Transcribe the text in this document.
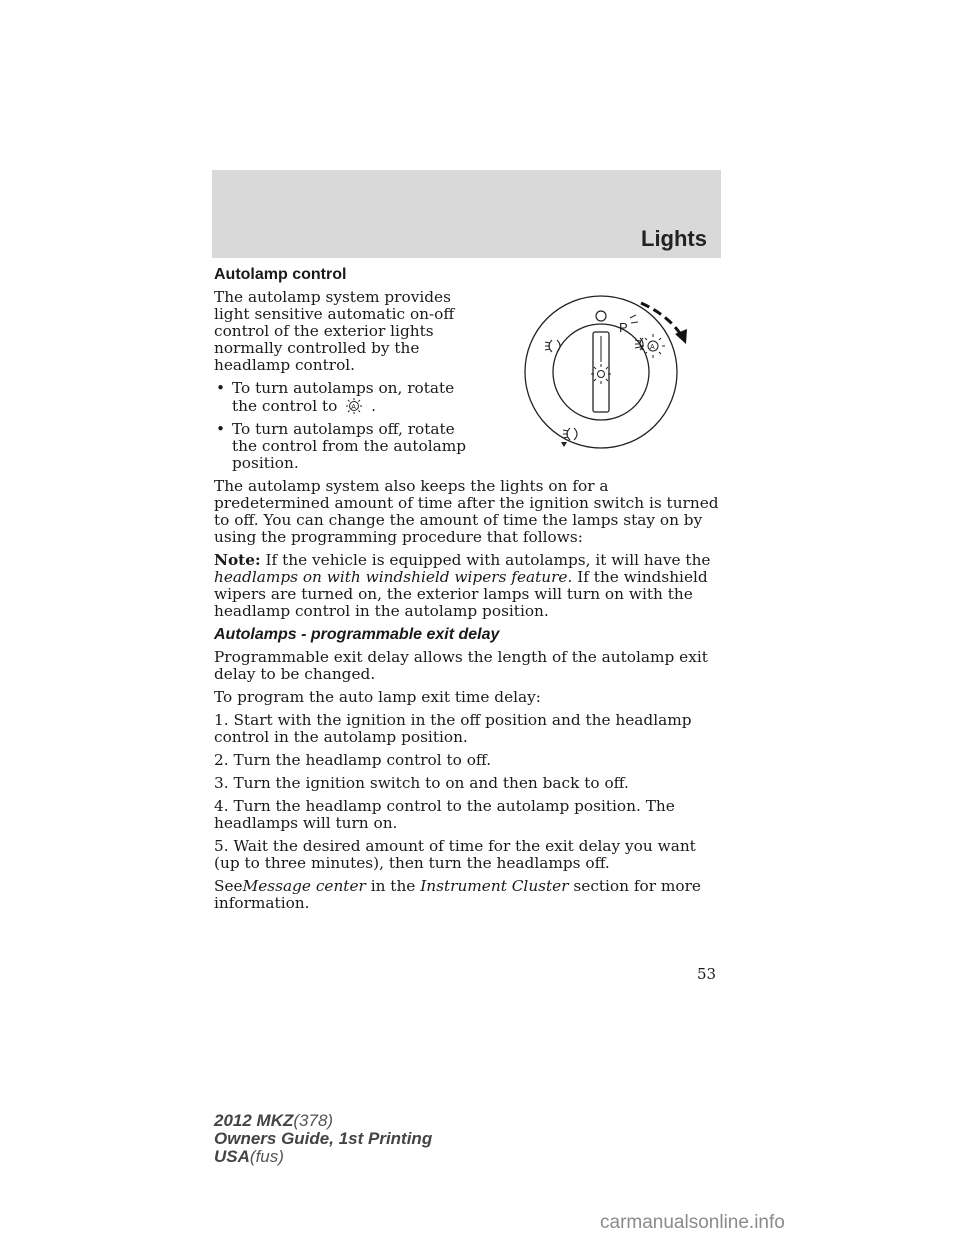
Lights
P
A

Autolamp control

The autolamp system provides light sensitive automatic on-off control of the exterior lights normally controlled by the headlamp control.

• To turn autolamps on, rotate the control to A .

• To turn autolamps off, rotate the control from the autolamp position.

The autolamp system also keeps the lights on for a predetermined amount of time after the ignition switch is turned to off. You can change the amount of time the lamps stay on by using the programming procedure that follows:

Note: If the vehicle is equipped with autolamps, it will have the headlamps on with windshield wipers feature. If the windshield wipers are turned on, the exterior lamps will turn on with the headlamp control in the autolamp position.

Autolamps - programmable exit delay

Programmable exit delay allows the length of the autolamp exit delay to be changed.

To program the auto lamp exit time delay:

1. Start with the ignition in the off position and the headlamp control in the autolamp position.

2. Turn the headlamp control to off.

3. Turn the ignition switch to on and then back to off.

4. Turn the headlamp control to the autolamp position. The headlamps will turn on.

5. Wait the desired amount of time for the exit delay you want (up to three minutes), then turn the headlamps off.

SeeMessage center in the Instrument Cluster section for more information.

53
2012 MKZ(378)
Owners Guide, 1st Printing
USA(fus)
carmanualsonline.info
